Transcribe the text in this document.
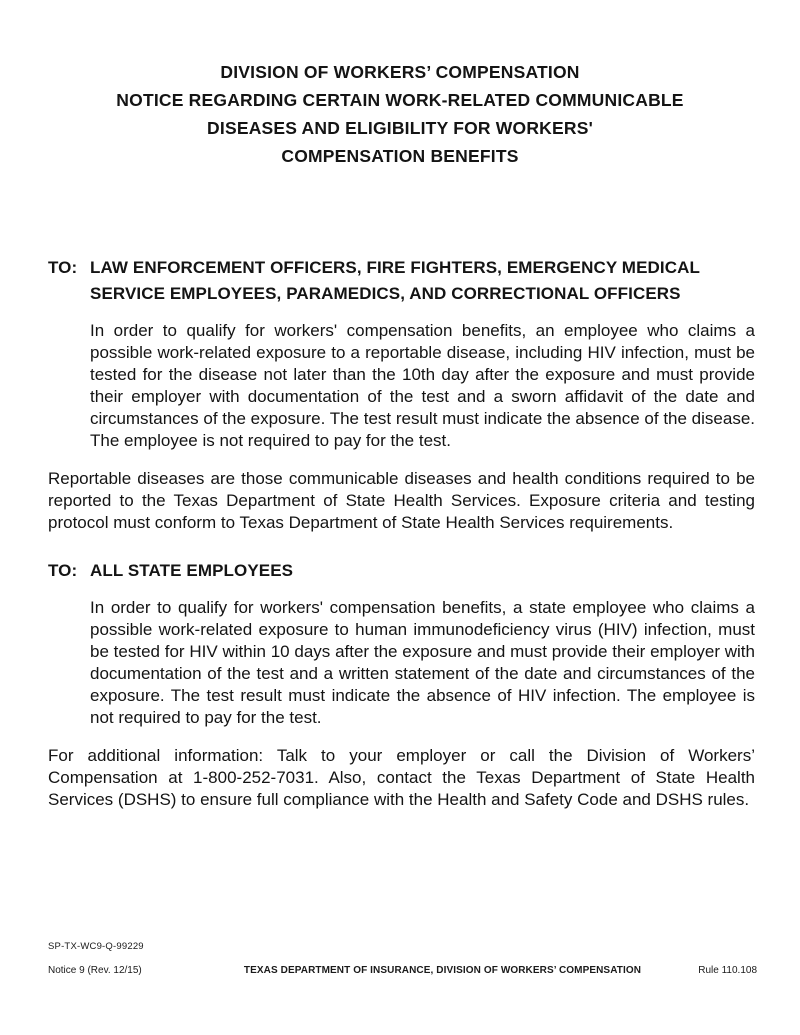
DIVISION OF WORKERS’ COMPENSATION
NOTICE REGARDING CERTAIN WORK-RELATED COMMUNICABLE
DISEASES AND ELIGIBILITY FOR WORKERS'
COMPENSATION BENEFITS
TO: LAW ENFORCEMENT OFFICERS, FIRE FIGHTERS, EMERGENCY MEDICAL SERVICE EMPLOYEES, PARAMEDICS, AND CORRECTIONAL OFFICERS

In order to qualify for workers' compensation benefits, an employee who claims a possible work-related exposure to a reportable disease, including HIV infection, must be tested for the disease not later than the 10th day after the exposure and must provide their employer with documentation of the test and a sworn affidavit of the date and circumstances of the exposure. The test result must indicate the absence of the disease. The employee is not required to pay for the test.

Reportable diseases are those communicable diseases and health conditions required to be reported to the Texas Department of State Health Services. Exposure criteria and testing protocol must conform to Texas Department of State Health Services requirements.

TO: ALL STATE EMPLOYEES

In order to qualify for workers' compensation benefits, a state employee who claims a possible work-related exposure to human immunodeficiency virus (HIV) infection, must be tested for HIV within 10 days after the exposure and must provide their employer with documentation of the test and a written statement of the date and circumstances of the exposure. The test result must indicate the absence of HIV infection. The employee is not required to pay for the test.

For additional information: Talk to your employer or call the Division of Workers’ Compensation at 1-800-252-7031. Also, contact the Texas Department of State Health Services (DSHS) to ensure full compliance with the Health and Safety Code and DSHS rules.

SP-TX-WC9-Q-99229
Notice 9 (Rev. 12/15)	TEXAS DEPARTMENT OF INSURANCE, DIVISION OF WORKERS’ COMPENSATION	Rule 110.108
